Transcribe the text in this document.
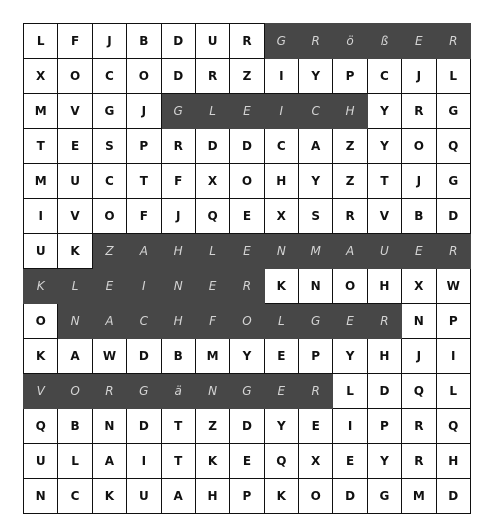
L	F	J	B	D	U	R	G	R	ö	ß	E	R
X	O	C	O	D	R	Z	I	Y	P	C	J	L
M	V	G	J	G	L	E	I	C	H	Y	R	G
T	E	S	P	R	D	D	C	A	Z	Y	O	Q
M	U	C	T	F	X	O	H	Y	Z	T	J	G
I	V	O	F	J	Q	E	X	S	R	V	B	D
U	K	Z	A	H	L	E	N	M	A	U	E	R
K	L	E	I	N	E	R	K	N	O	H	X	W
O	N	A	C	H	F	O	L	G	E	R	N	P
K	A	W	D	B	M	Y	E	P	Y	H	J	I
V	O	R	G	ä	N	G	E	R	L	D	Q	L
Q	B	N	D	T	Z	D	Y	E	I	P	R	Q
U	L	A	I	T	K	E	Q	X	E	Y	R	H
N	C	K	U	A	H	P	K	O	D	G	M	D
